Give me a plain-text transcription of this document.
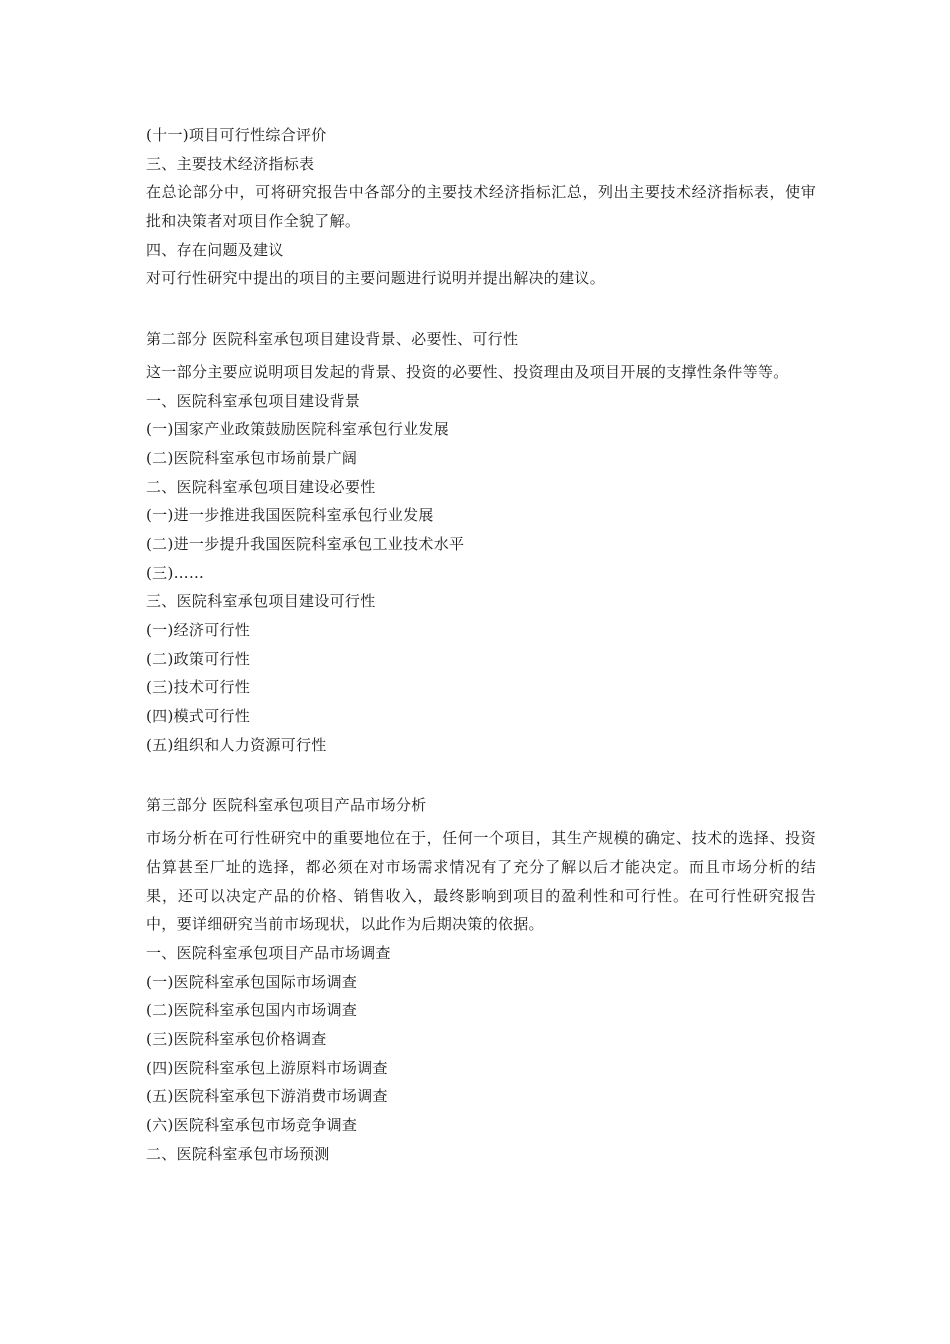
(十一)项目可行性综合评价
三、主要技术经济指标表
在总论部分中，可将研究报告中各部分的主要技术经济指标汇总，列出主要技术经济指标表，使审批和决策者对项目作全貌了解。
四、存在问题及建议
对可行性研究中提出的项目的主要问题进行说明并提出解决的建议。
第二部分 医院科室承包项目建设背景、必要性、可行性
这一部分主要应说明项目发起的背景、投资的必要性、投资理由及项目开展的支撑性条件等等。
一、医院科室承包项目建设背景
(一)国家产业政策鼓励医院科室承包行业发展
(二)医院科室承包市场前景广阔
二、医院科室承包项目建设必要性
(一)进一步推进我国医院科室承包行业发展
(二)进一步提升我国医院科室承包工业技术水平
(三)……
三、医院科室承包项目建设可行性
(一)经济可行性
(二)政策可行性
(三)技术可行性
(四)模式可行性
(五)组织和人力资源可行性
第三部分 医院科室承包项目产品市场分析
市场分析在可行性研究中的重要地位在于，任何一个项目，其生产规模的确定、技术的选择、投资估算甚至厂址的选择，都必须在对市场需求情况有了充分了解以后才能决定。而且市场分析的结果，还可以决定产品的价格、销售收入，最终影响到项目的盈利性和可行性。在可行性研究报告中，要详细研究当前市场现状，以此作为后期决策的依据。
一、医院科室承包项目产品市场调查
(一)医院科室承包国际市场调查
(二)医院科室承包国内市场调查
(三)医院科室承包价格调查
(四)医院科室承包上游原料市场调查
(五)医院科室承包下游消费市场调查
(六)医院科室承包市场竞争调查
二、医院科室承包市场预测
